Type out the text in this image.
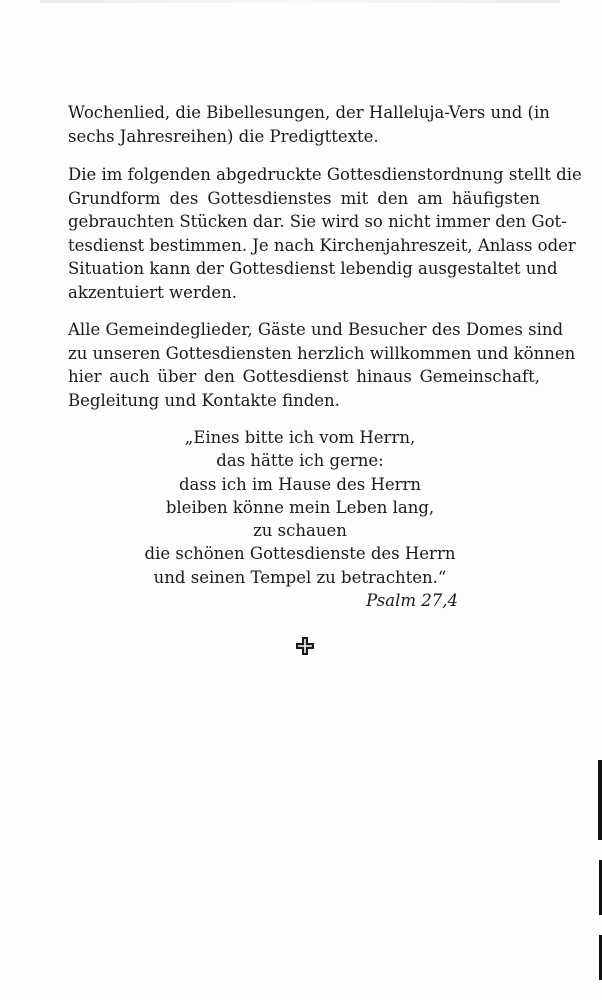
Wochenlied, die Bibellesungen, der Halleluja-Vers und (in
sechs Jahresreihen) die Predigttexte.
Die im folgenden abgedruckte Gottesdienstordnung stellt die
Grundform des Gottesdienstes mit den am häufigsten
gebrauchten Stücken dar. Sie wird so nicht immer den Got-
tesdienst bestimmen. Je nach Kirchenjahreszeit, Anlass oder
Situation kann der Gottesdienst lebendig ausgestaltet und
akzentuiert werden.
Alle Gemeindeglieder, Gäste und Besucher des Domes sind
zu unseren Gottesdiensten herzlich willkommen und können
hier auch über den Gottesdienst hinaus Gemeinschaft,
Begleitung und Kontakte finden.
„Eines bitte ich vom Herrn,
das hätte ich gerne:
dass ich im Hause des Herrn
bleiben könne mein Leben lang,
zu schauen
die schönen Gottesdienste des Herrn
und seinen Tempel zu betrachten.“
Psalm 27,4
